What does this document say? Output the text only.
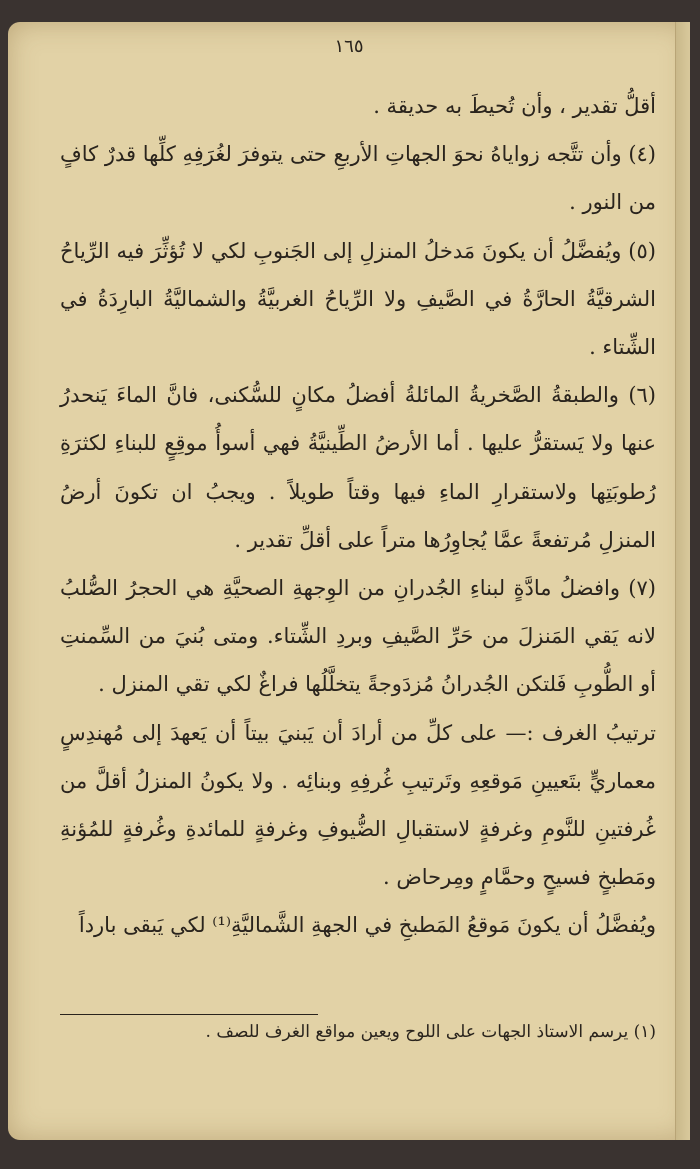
١٦٥

أقلُّ تقدير ، وأن تُحيطَ به حديقة .

(٤) وأن تتَّجه زواياهُ نحوَ الجهاتِ الأربعِ حتى يتوفرَ لغُرَفِهِ كلِّها قدرٌ كافٍ من النور .

(٥) ويُفضَّلُ أن يكونَ مَدخلُ المنزلِ إلى الجَنوبِ لكي لا تُؤثِّرَ فيه الرِّياحُ الشرقيَّةُ الحارَّةُ في الصَّيفِ ولا الرِّياحُ الغربيَّةُ والشماليَّةُ البارِدَةُ في الشِّتاء .

(٦) والطبقةُ الصَّخريةُ المائلةُ أفضلُ مكانٍ للسُّكنى، فانَّ الماءَ يَنحدرُ عنها ولا يَستقرُّ عليها . أما الأرضُ الطِّينيَّةُ فهي أسوأُ موقِعٍ للبناءِ لكثرَةِ رُطوبَتِها ولاستقرارِ الماءِ فيها وقتاً طويلاً . ويجبُ ان تكونَ أرضُ المنزلِ مُرتفعةً عمَّا يُجاوِرُها متراً على أقلِّ تقدير .

(٧) وافضلُ مادَّةٍ لبناءِ الجُدرانِ من الوِجهةِ الصحيَّةِ هي الحجرُ الصُّلبُ لانه يَقي المَنزلَ من حَرِّ الصَّيفِ وبردِ الشِّتاء. ومتى بُنيَ من السِّمنتِ أو الطُّوبِ فَلتكن الجُدرانُ مُزدَوجةً يتخلَّلُها فراغٌ لكي تقي المنزل .

ترتيبُ الغرف :— على كلِّ من أرادَ أن يَبنيَ بيتاً أن يَعهدَ إلى مُهندِسٍ معماريٍّ بتَعيينِ مَوقعِهِ وتَرتيبِ غُرفِهِ وبنائِه . ولا يكونُ المنزلُ أقلَّ من غُرفتينِ للنَّومِ وغرفةٍ لاستقبالِ الضُّيوفِ وغرفةٍ للمائدةِ وغُرفةٍ للمُؤنةِ ومَطبخٍ فسيحٍ وحمَّامٍ ومِرحاض .

ويُفضَّلُ أن يكونَ مَوقعُ المَطبخِ في الجهةِ الشَّماليَّةِ⁽¹⁾ لكي يَبقى بارداً

(١) يرسم الاستاذ الجهات على اللوح ويعين مواقع الغرف للصف .
